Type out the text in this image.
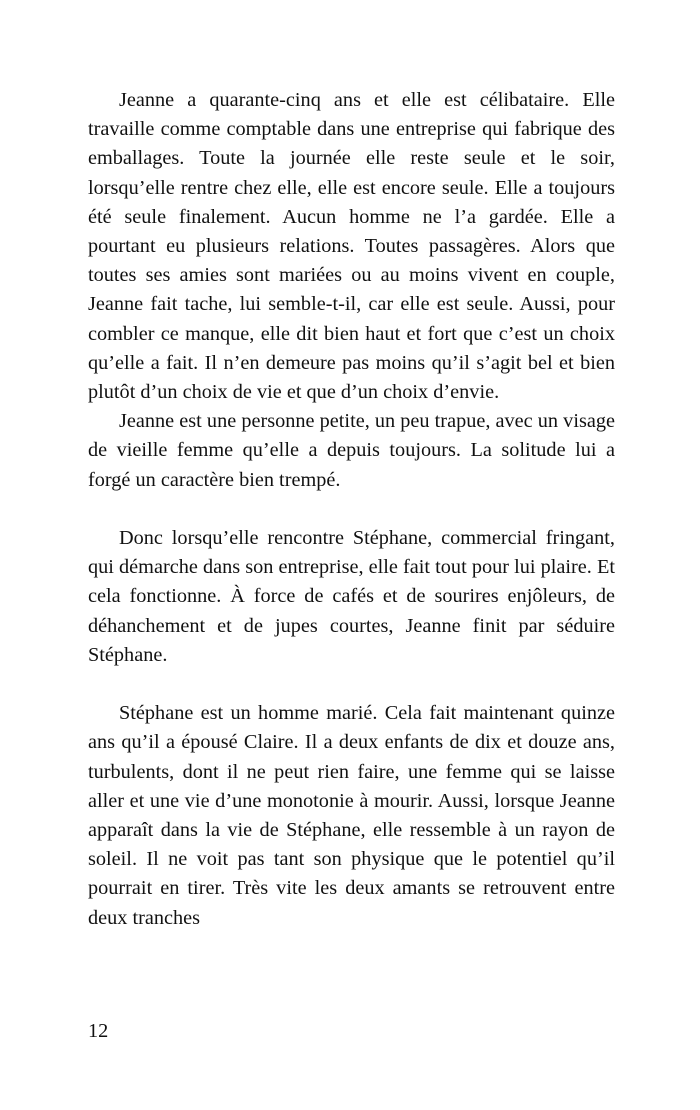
Jeanne a quarante-cinq ans et elle est célibataire. Elle travaille comme comptable dans une entreprise qui fabrique des emballages. Toute la journée elle reste seule et le soir, lorsqu’elle rentre chez elle, elle est encore seule. Elle a toujours été seule finalement. Aucun homme ne l’a gardée. Elle a pourtant eu plusieurs relations. Toutes passagères. Alors que toutes ses amies sont mariées ou au moins vivent en couple, Jeanne fait tache, lui semble-t-il, car elle est seule. Aussi, pour combler ce manque, elle dit bien haut et fort que c’est un choix qu’elle a fait. Il n’en demeure pas moins qu’il s’agit bel et bien plutôt d’un choix de vie et que d’un choix d’envie.

Jeanne est une personne petite, un peu trapue, avec un visage de vieille femme qu’elle a depuis toujours. La solitude lui a forgé un caractère bien trempé.

Donc lorsqu’elle rencontre Stéphane, commercial fringant, qui démarche dans son entreprise, elle fait tout pour lui plaire. Et cela fonctionne. À force de cafés et de sourires enjôleurs, de déhanchement et de jupes courtes, Jeanne finit par séduire Stéphane.

Stéphane est un homme marié. Cela fait maintenant quinze ans qu’il a épousé Claire. Il a deux enfants de dix et douze ans, turbulents, dont il ne peut rien faire, une femme qui se laisse aller et une vie d’une monotonie à mourir. Aussi, lorsque Jeanne apparaît dans la vie de Stéphane, elle ressemble à un rayon de soleil. Il ne voit pas tant son physique que le potentiel qu’il pourrait en tirer. Très vite les deux amants se retrouvent entre deux tranches

12
